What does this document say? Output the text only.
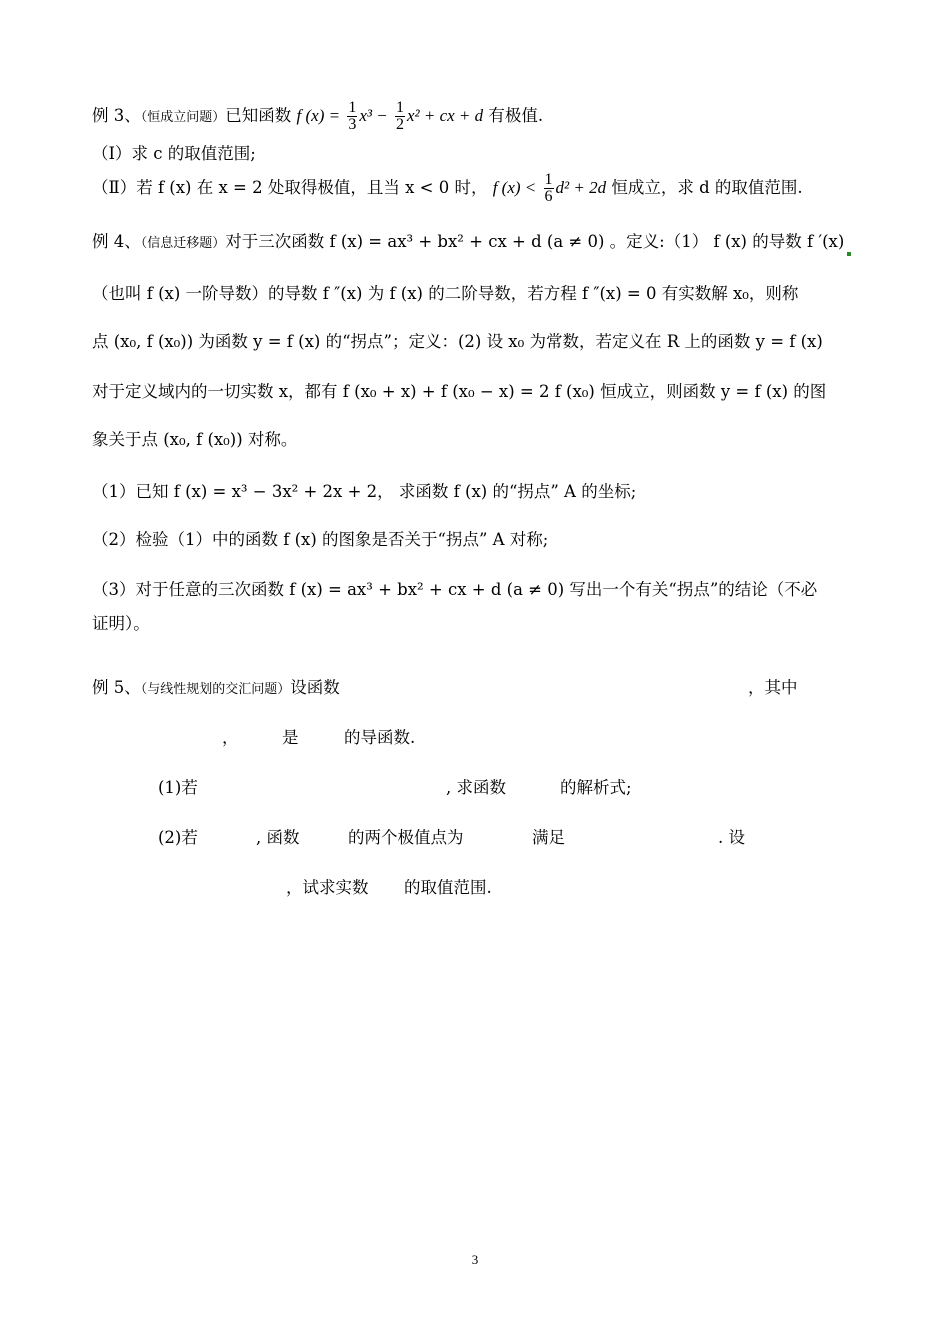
例 3、（恒成立问题）已知函数 f $(x) = \frac{1}{3} x^3 - \frac{1}{2} x^2$ + cx + d 有极值.
（Ⅰ）求 c 的取值范围;
（Ⅱ）若 f (x) 在 x = 2 处取得极值，且当 x < 0 时， f $(x) < \frac{1}{6} d^2 + 2d$ 恒成立，求 d 的取值范围.
例 4、（信息迁移题）对于三次函数 f (x) = ax³ + bx² + cx + d (a ≠ 0) 。定义:（1） f (x) 的导数 f ′(x)
（也叫 f (x) 一阶导数）的导数 f ″(x) 为 f (x) 的二阶导数，若方程 f ″(x) = 0 有实数解 x₀，则称
点 (x₀, f (x₀)) 为函数 y = f (x) 的“拐点”；定义：(2) 设 x₀ 为常数，若定义在 R 上的函数 y = f (x)
对于定义域内的一切实数 x，都有 f (x₀ + x) + f (x₀ − x) = 2 f (x₀) 恒成立，则函数 y = f (x) 的图
象关于点 (x₀, f (x₀)) 对称。
（1）已知 f (x) = x³ − 3x² + 2x + 2， 求函数 f (x) 的“拐点” A 的坐标;
（2）检验（1）中的函数 f (x) 的图象是否关于“拐点” A 对称;
（3）对于任意的三次函数 f (x) = ax³ + bx² + cx + d (a ≠ 0) 写出一个有关“拐点”的结论（不必
证明）。
例 5、（与线性规划的交汇问题）设函数	，其中
，	是	的导函数.
(1)若	, 求函数	的解析式;
(2)若	, 函数	的两个极值点为	满足	. 设
，试求实数 的取值范围.
3
